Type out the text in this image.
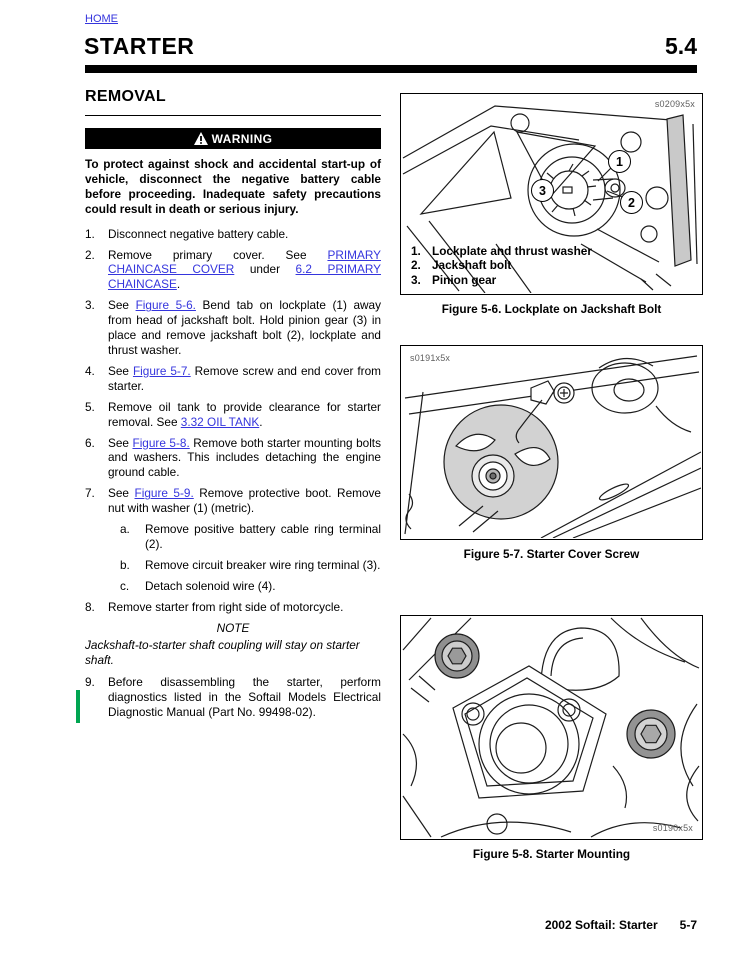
HOME
STARTER	5.4
REMOVAL
WARNING
To protect against shock and accidental start-up of vehicle, disconnect the negative battery cable before proceeding. Inadequate safety precautions could result in death or serious injury.
1.	Disconnect negative battery cable.
2.	Remove primary cover. See PRIMARY CHAINCASE COVER under 6.2 PRIMARY CHAINCASE.
3.	See Figure 5-6. Bend tab on lockplate (1) away from head of jackshaft bolt. Hold pinion gear (3) in place and remove jackshaft bolt (2), lockplate and thrust washer.
4.	See Figure 5-7. Remove screw and end cover from starter.
5.	Remove oil tank to provide clearance for starter removal. See 3.32 OIL TANK.
6.	See Figure 5-8. Remove both starter mounting bolts and washers. This includes detaching the engine ground cable.
7.	See Figure 5-9. Remove protective boot. Remove nut with washer (1) (metric).
a.	Remove positive battery cable ring terminal (2).
b.	Remove circuit breaker wire ring terminal (3).
c.	Detach solenoid wire (4).
8.	Remove starter from right side of motorcycle.
NOTE
Jackshaft-to-starter shaft coupling will stay on starter shaft.
9.	Before disassembling the starter, perform diagnostics listed in the Softail Models Electrical Diagnostic Manual (Part No. 99498-02).
s0209x5x
1
2
3
1. Lockplate and thrust washer
2. Jackshaft bolt
3. Pinion gear
Figure 5-6. Lockplate on Jackshaft Bolt
s0191x5x
Figure 5-7. Starter Cover Screw
s0190x5x
Figure 5-8. Starter Mounting
2002 Softail: Starter 5-7
